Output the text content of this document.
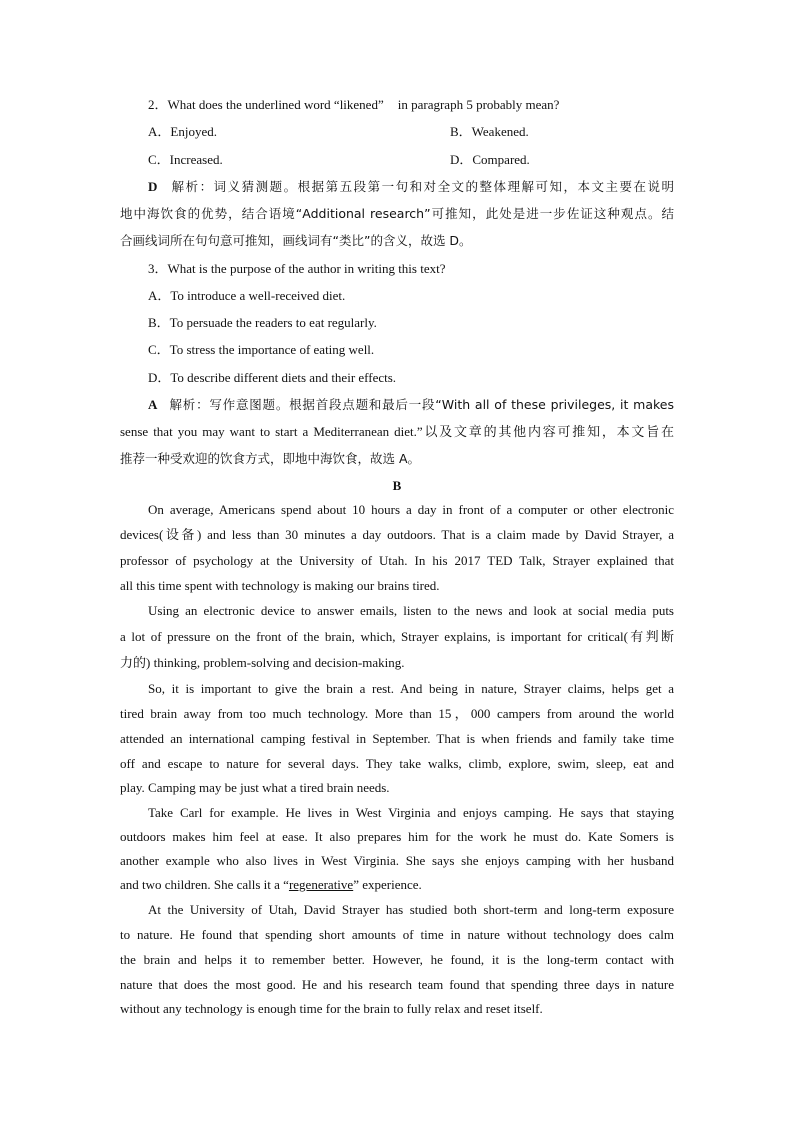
2．What does the underlined word “likened” in paragraph 5 probably mean?
A．Enjoyed.	B．Weakened.
C．Increased.	D．Compared.
D 解析：词义猜测题。根据第五段第一句和对全文的整体理解可知，本文主要在说明
地中海饮食的优势，结合语境“Additional research”可推知，此处是进一步佐证这种观点。结
合画线词所在句句意可推知，画线词有“类比”的含义，故选 D。
3．What is the purpose of the author in writing this text?
A．To introduce a well-received diet.
B．To persuade the readers to eat regularly.
C．To stress the importance of eating well.
D．To describe different diets and their effects.
A 解析：写作意图题。根据首段点题和最后一段“With all of these privileges, it makes
sense that you may want to start a Mediterranean diet.”以及文章的其他内容可推知，本文旨在
推荐一种受欢迎的饮食方式，即地中海饮食，故选 A。
B
On average, Americans spend about 10 hours a day in front of a computer or other electronic
devices(设备) and less than 30 minutes a day outdoors. That is a claim made by David Strayer, a
professor of psychology at the University of Utah. In his 2017 TED Talk, Strayer explained that
all this time spent with technology is making our brains tired.
Using an electronic device to answer emails, listen to the news and look at social media puts
a lot of pressure on the front of the brain, which, Strayer explains, is important for critical(有判断
力的) thinking, problem-solving and decision-making.
So, it is important to give the brain a rest. And being in nature, Strayer claims, helps get a
tired brain away from too much technology. More than 15，000 campers from around the world
attended an international camping festival in September. That is when friends and family take time
off and escape to nature for several days. They take walks, climb, explore, swim, sleep, eat and
play. Camping may be just what a tired brain needs.
Take Carl for example. He lives in West Virginia and enjoys camping. He says that staying
outdoors makes him feel at ease. It also prepares him for the work he must do. Kate Somers is
another example who also lives in West Virginia. She says she enjoys camping with her husband
and two children. She calls it a “regenerative” experience.
At the University of Utah, David Strayer has studied both short-term and long-term exposure
to nature. He found that spending short amounts of time in nature without technology does calm
the brain and helps it to remember better. However, he found, it is the long-term contact with
nature that does the most good. He and his research team found that spending three days in nature
without any technology is enough time for the brain to fully relax and reset itself.
